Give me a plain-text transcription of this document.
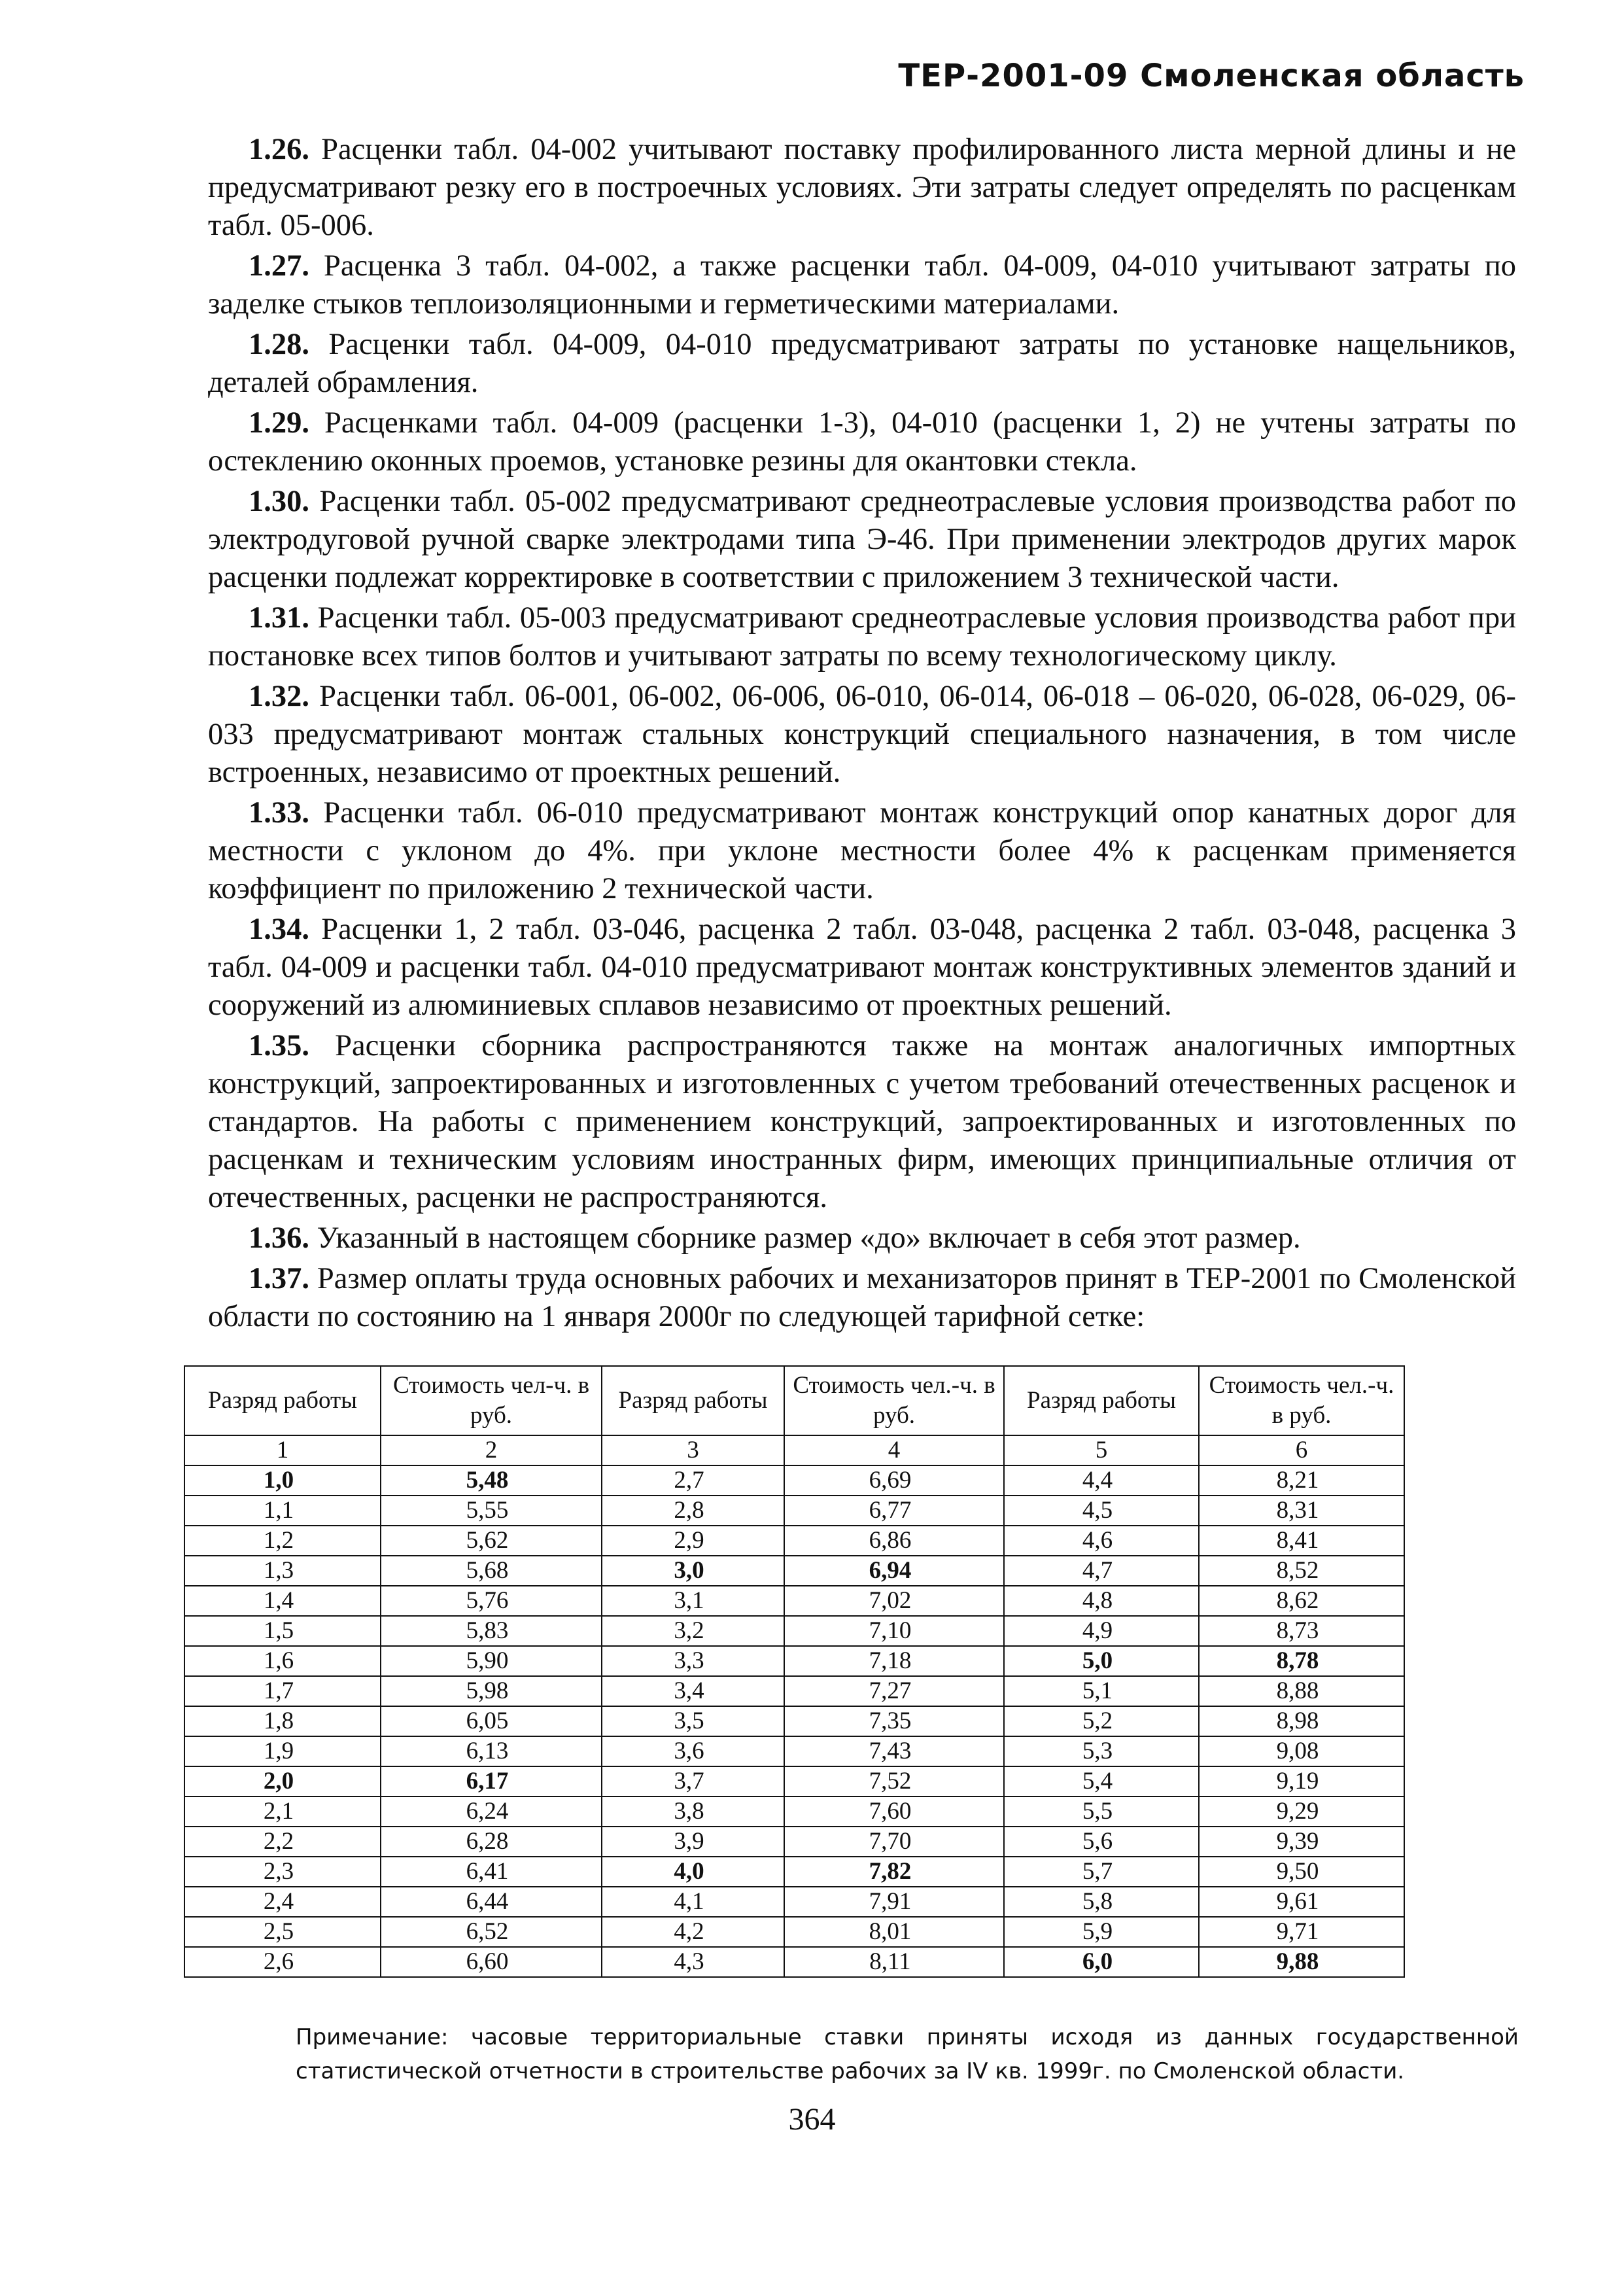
ТЕР-2001-09 Смоленская область

1.26. Расценки табл. 04-002 учитывают поставку профилированного листа мерной длины и не предусматривают резку его в построечных условиях. Эти затраты следует определять по расценкам табл. 05-006.

1.27. Расценка 3 табл. 04-002, а также расценки табл. 04-009, 04-010 учитывают затраты по заделке стыков теплоизоляционными и герметическими материалами.

1.28. Расценки табл. 04-009, 04-010 предусматривают затраты по установке нащельников, деталей обрамления.

1.29. Расценками табл. 04-009 (расценки 1-3), 04-010 (расценки 1, 2) не учтены затраты по остеклению оконных проемов, установке резины для окантовки стекла.

1.30. Расценки табл. 05-002 предусматривают среднеотраслевые условия производства работ по электродуговой ручной сварке электродами типа Э-46. При применении электродов других марок расценки подлежат корректировке в соответствии с приложением 3 технической части.

1.31. Расценки табл. 05-003 предусматривают среднеотраслевые условия производства работ при постановке всех типов болтов и учитывают затраты по всему технологическому циклу.

1.32. Расценки табл. 06-001, 06-002, 06-006, 06-010, 06-014, 06-018 – 06-020, 06-028, 06-029, 06-033 предусматривают монтаж стальных конструкций специального назначения, в том числе встроенных, независимо от проектных решений.

1.33. Расценки табл. 06-010 предусматривают монтаж конструкций опор канатных дорог для местности с уклоном до 4%. при уклоне местности более 4% к расценкам применяется коэффициент по приложению 2 технической части.

1.34. Расценки 1, 2 табл. 03-046, расценка 2 табл. 03-048, расценка 2 табл. 03-048, расценка 3 табл. 04-009 и расценки табл. 04-010 предусматривают монтаж конструктивных элементов зданий и сооружений из алюминиевых сплавов независимо от проектных решений.

1.35. Расценки сборника распространяются также на монтаж аналогичных импортных конструкций, запроектированных и изготовленных с учетом требований отечественных расценок и стандартов. На работы с применением конструкций, запроектированных и изготовленных по расценкам и техническим условиям иностранных фирм, имеющих принципиальные отличия от отечественных, расценки не распространяются.

1.36. Указанный в настоящем сборнике размер «до» включает в себя этот размер.

1.37. Размер оплаты труда основных рабочих и механизаторов принят в ТЕР-2001 по Смоленской области по состоянию на 1 января 2000г по следующей тарифной сетке:

Разряд работы	Стоимость чел-ч. в руб.	Разряд работы	Стоимость чел.-ч. в руб.	Разряд работы	Стоимость чел.-ч. в руб.
1	2	3	4	5	6
1,0	5,48	2,7	6,69	4,4	8,21
1,1	5,55	2,8	6,77	4,5	8,31
1,2	5,62	2,9	6,86	4,6	8,41
1,3	5,68	3,0	6,94	4,7	8,52
1,4	5,76	3,1	7,02	4,8	8,62
1,5	5,83	3,2	7,10	4,9	8,73
1,6	5,90	3,3	7,18	5,0	8,78
1,7	5,98	3,4	7,27	5,1	8,88
1,8	6,05	3,5	7,35	5,2	8,98
1,9	6,13	3,6	7,43	5,3	9,08
2,0	6,17	3,7	7,52	5,4	9,19
2,1	6,24	3,8	7,60	5,5	9,29
2,2	6,28	3,9	7,70	5,6	9,39
2,3	6,41	4,0	7,82	5,7	9,50
2,4	6,44	4,1	7,91	5,8	9,61
2,5	6,52	4,2	8,01	5,9	9,71
2,6	6,60	4,3	8,11	6,0	9,88
Примечание: часовые территориальные ставки приняты исходя из данных государственной статистической отчетности в строительстве рабочих за IV кв. 1999г. по Смоленской области.
364
